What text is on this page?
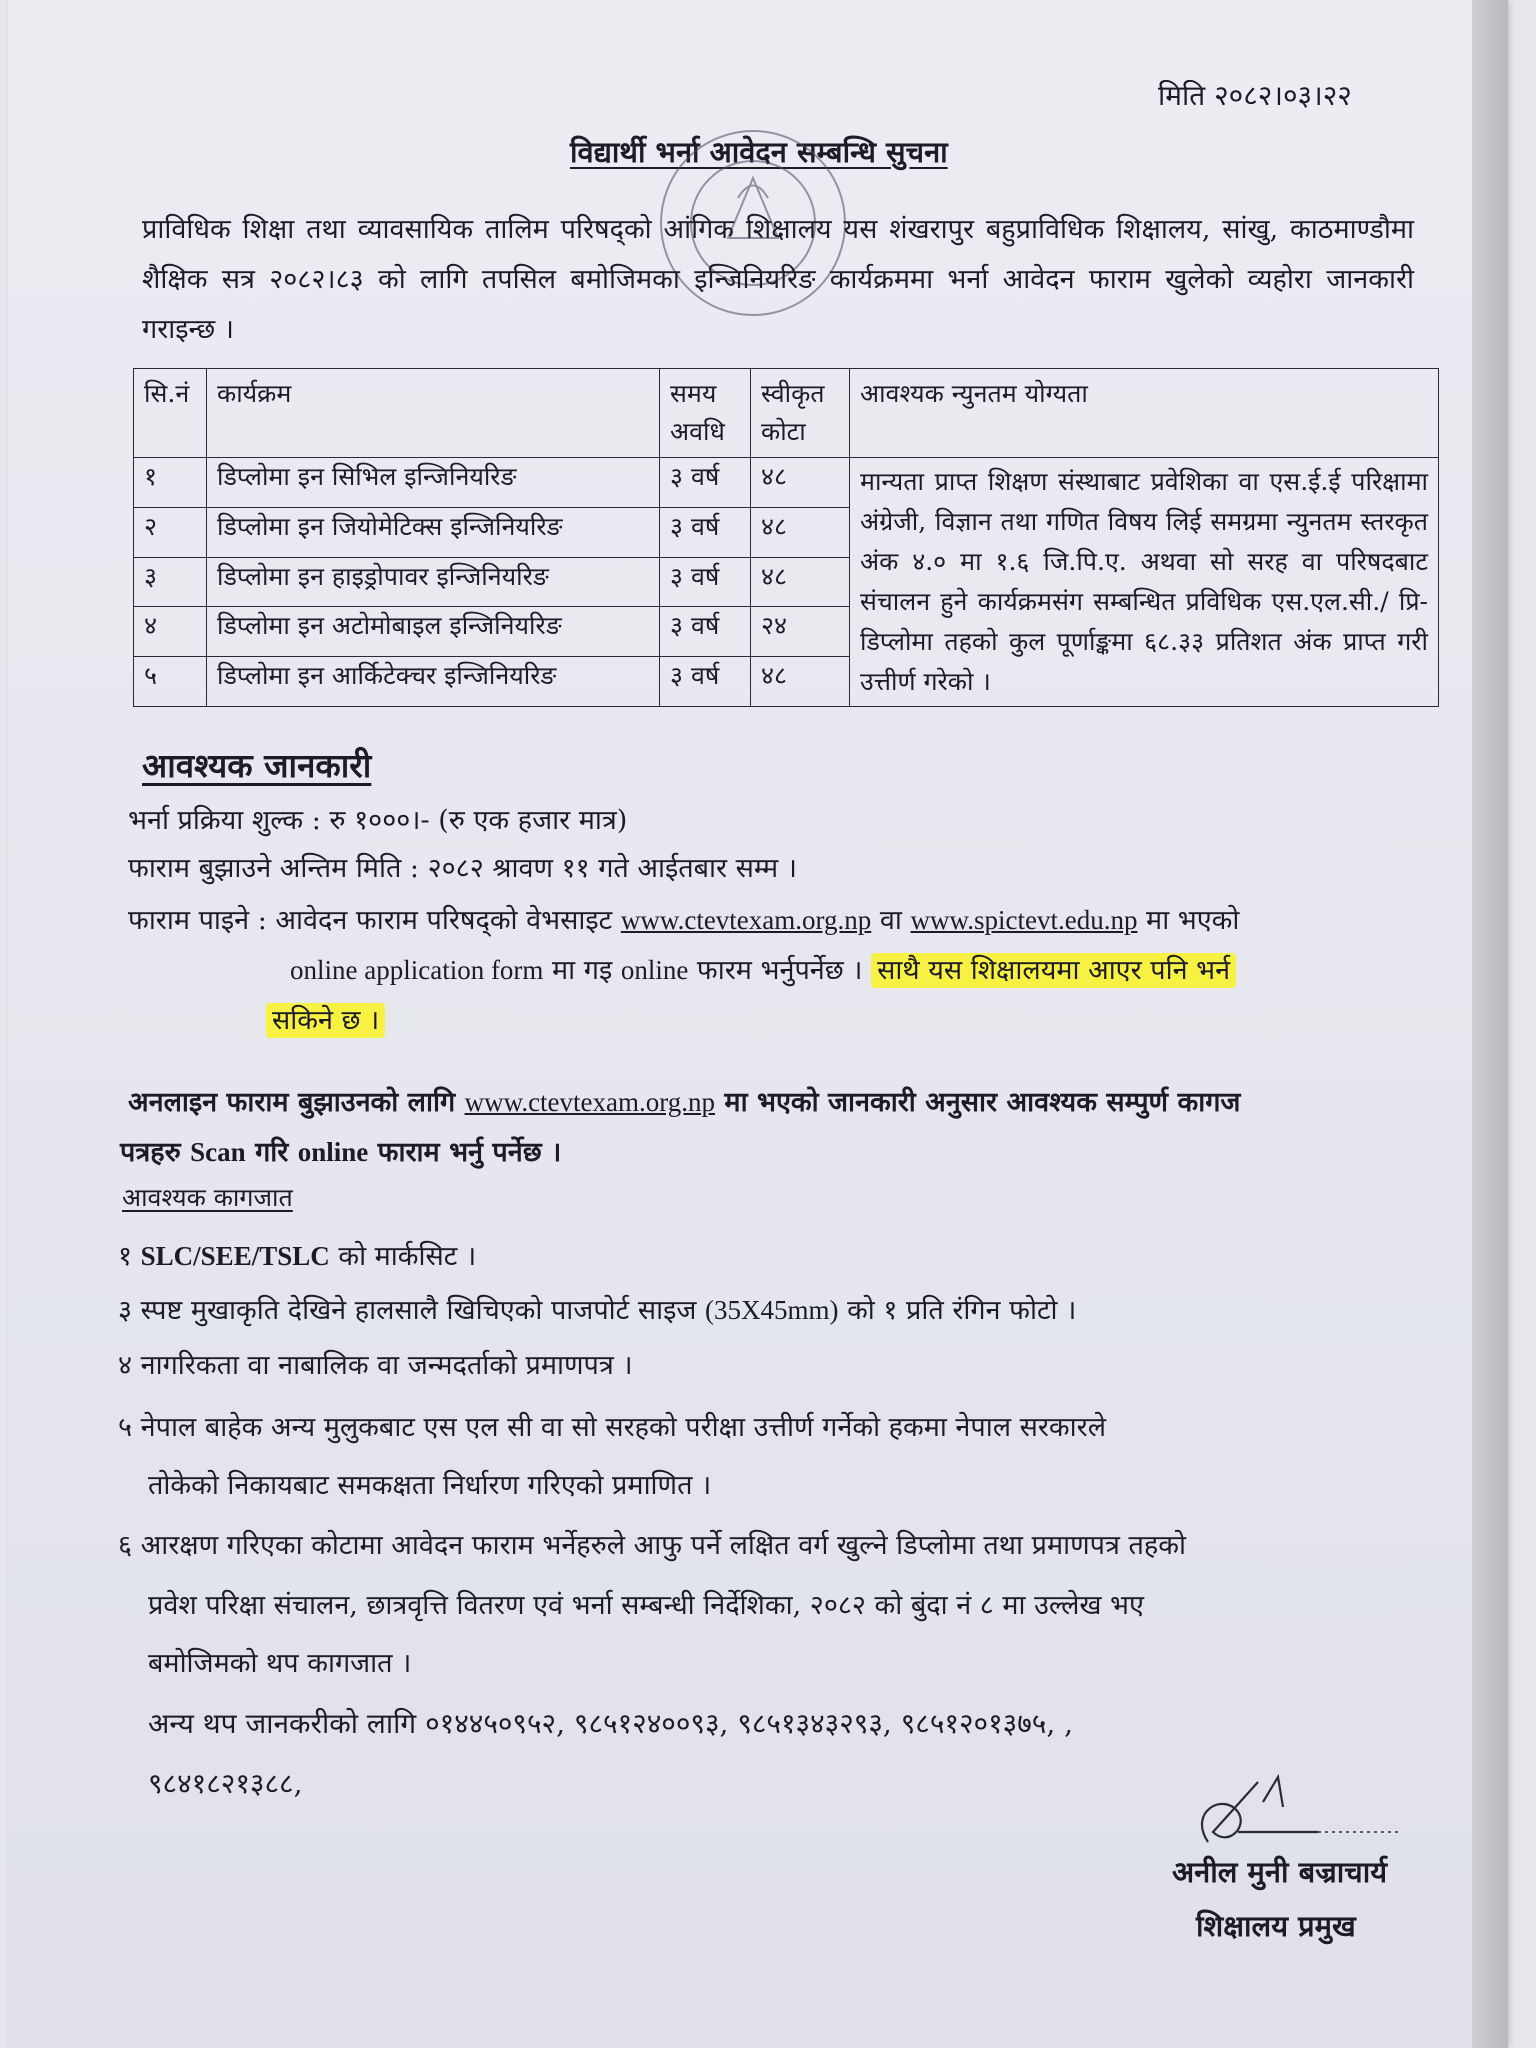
मिति २०८२।०३।२२
विद्यार्थी भर्ना आवेदन सम्बन्धि सुचना
प्राविधिक शिक्षा तथा व्यावसायिक तालिम परिषद्को आंगिक शिक्षालय यस शंखरापुर बहुप्राविधिक शिक्षालय, सांखु, काठमाण्डौमा शैक्षिक सत्र २०८२।८३ को लागि तपसिल बमोजिमका इन्जिनियरिङ कार्यक्रममा भर्ना आवेदन फाराम खुलेको व्यहोरा जानकारी गराइन्छ ।
सि.नं	कार्यक्रम	समय अवधि	स्वीकृत कोटा	आवश्यक न्युनतम योग्यता
१	डिप्लोमा इन सिभिल इन्जिनियरिङ	३ वर्ष	४८	मान्यता प्राप्त शिक्षण संस्थाबाट प्रवेशिका वा एस.ई.ई परिक्षामा अंग्रेजी, विज्ञान तथा गणित विषय लिई समग्रमा न्युनतम स्तरकृत अंक ४.० मा १.६ जि.पि.ए. अथवा सो सरह वा परिषदबाट संचालन हुने कार्यक्रमसंग सम्बन्धित प्रविधिक एस.एल.सी./ प्रि-डिप्लोमा तहको कुल पूर्णाङ्कमा ६८.३३ प्रतिशत अंक प्राप्त गरी उत्तीर्ण गरेको ।
२	डिप्लोमा इन जियोमेटिक्स इन्जिनियरिङ	३ वर्ष	४८	
३	डिप्लोमा इन हाइड्रोपावर इन्जिनियरिङ	३ वर्ष	४८	
४	डिप्लोमा इन अटोमोबाइल इन्जिनियरिङ	३ वर्ष	२४	
५	डिप्लोमा इन आर्किटेक्चर इन्जिनियरिङ	३ वर्ष	४८	
आवश्यक जानकारी
भर्ना प्रक्रिया शुल्क : रु १०००।- (रु एक हजार मात्र)
फाराम बुझाउने अन्तिम मिति : २०८२ श्रावण ११ गते आईतबार सम्म ।
फाराम पाइने : आवेदन फाराम परिषद्को वेभसाइट www.ctevtexam.org.np वा www.spictevt.edu.np मा भएको
online application form मा गइ online फारम भर्नुपर्नेछ । साथै यस शिक्षालयमा आएर पनि भर्न
सकिने छ ।
अनलाइन फाराम बुझाउनको लागि www.ctevtexam.org.np मा भएको जानकारी अनुसार आवश्यक सम्पुर्ण कागज
पत्रहरु Scan गरि online फाराम भर्नु पर्नेछ ।
आवश्यक कागजात
१ SLC/SEE/TSLC को मार्कसिट ।
३ स्पष्ट मुखाकृति देखिने हालसालै खिचिएको पाजपोर्ट साइज (35X45mm) को १ प्रति रंगिन फोटो ।
४ नागरिकता वा नाबालिक वा जन्मदर्ताको प्रमाणपत्र ।
५ नेपाल बाहेक अन्य मुलुकबाट एस एल सी वा सो सरहको परीक्षा उत्तीर्ण गर्नेको हकमा नेपाल सरकारले
तोकेको निकायबाट समकक्षता निर्धारण गरिएको प्रमाणित ।
६ आरक्षण गरिएका कोटामा आवेदन फाराम भर्नेहरुले आफु पर्ने लक्षित वर्ग खुल्ने डिप्लोमा तथा प्रमाणपत्र तहको
प्रवेश परिक्षा संचालन, छात्रवृत्ति वितरण एवं भर्ना सम्बन्धी निर्देशिका, २०८२ को बुंदा नं ८ मा उल्लेख भए
बमोजिमको थप कागजात ।
अन्य थप जानकरीको लागि ०१४४५०९५२, ९८५१२४००९३, ९८५१३४३२९३, ९८५१२०१३७५, ,
९८४१८२१३८८,
अनील मुनी बज्राचार्य
शिक्षालय प्रमुख
